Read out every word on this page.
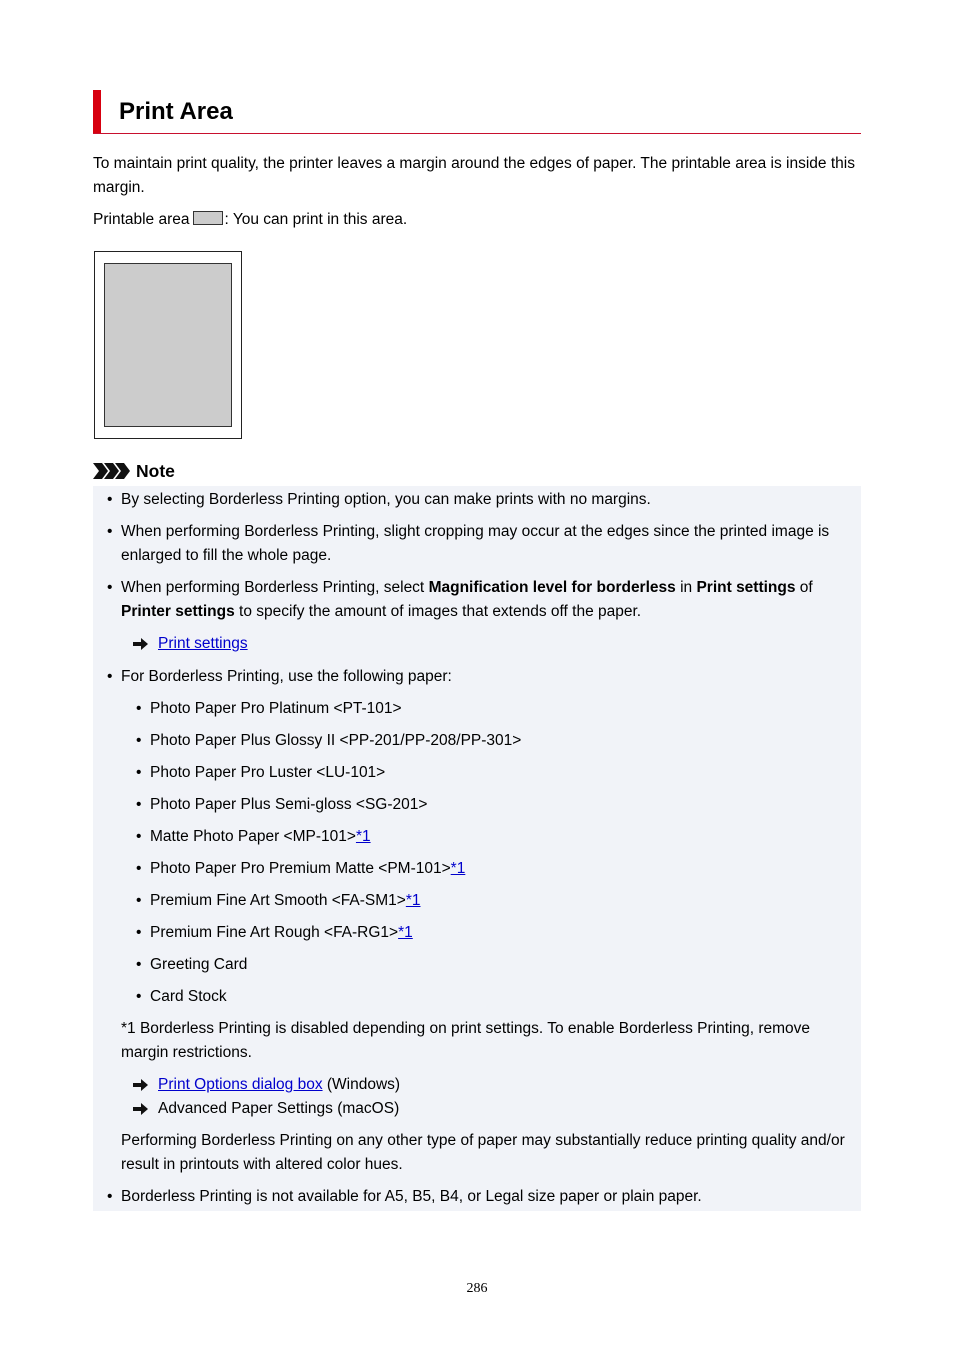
Print Area

To maintain print quality, the printer leaves a margin around the edges of paper. The printable area is inside this margin.

Printable area : You can print in this area.

Note
• By selecting Borderless Printing option, you can make prints with no margins.
• When performing Borderless Printing, slight cropping may occur at the edges since the printed image is enlarged to fill the whole page.
• When performing Borderless Printing, select Magnification level for borderless in Print settings of Printer settings to specify the amount of images that extends off the paper.
Print settings
• For Borderless Printing, use the following paper:
• Photo Paper Pro Platinum <PT-101>
• Photo Paper Plus Glossy II <PP-201/PP-208/PP-301>
• Photo Paper Pro Luster <LU-101>
• Photo Paper Plus Semi-gloss <SG-201>
• Matte Photo Paper <MP-101>*1
• Photo Paper Pro Premium Matte <PM-101>*1
• Premium Fine Art Smooth <FA-SM1>*1
• Premium Fine Art Rough <FA-RG1>*1
• Greeting Card
• Card Stock
*1 Borderless Printing is disabled depending on print settings. To enable Borderless Printing, remove margin restrictions.
Print Options dialog box (Windows)
Advanced Paper Settings (macOS)
Performing Borderless Printing on any other type of paper may substantially reduce printing quality and/or result in printouts with altered color hues.
• Borderless Printing is not available for A5, B5, B4, or Legal size paper or plain paper.
286
